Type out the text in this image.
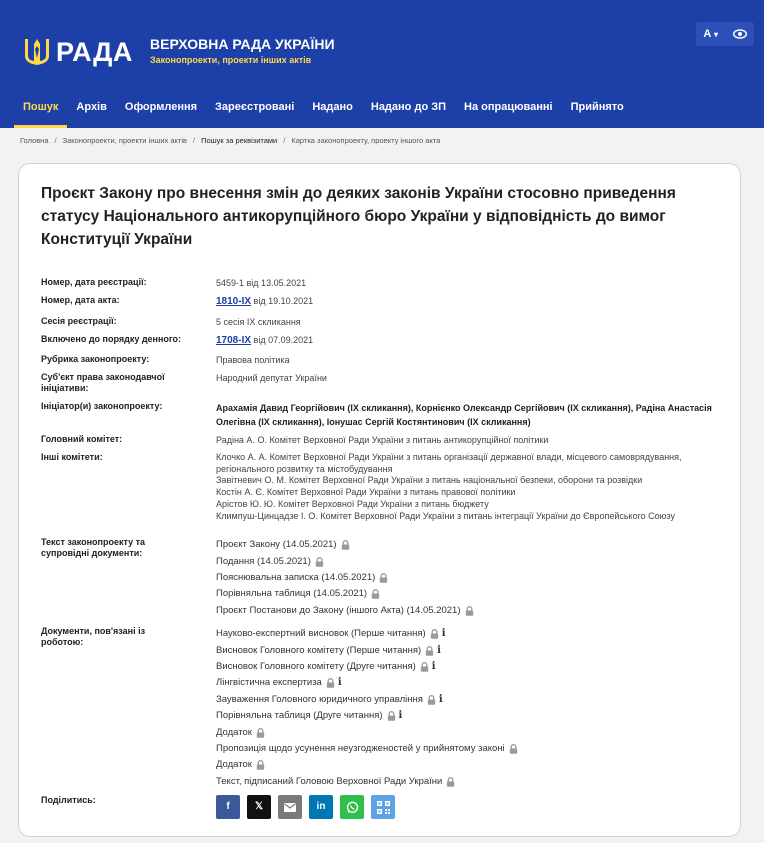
РАДА ВЕРХОВНА РАДА УКРАЇНИ
Законопроекти, проекти інших актів
A ▾
Пошук	Архів	Оформлення	Зареєстровані	Надано	Надано до ЗП	На опрацюванні	Прийнято
Головна / Законопроекти, проекти інших актів / Пошук за реквізитами / Картка законопроекту, проекту іншого акта
Проєкт Закону про внесення змін до деяких законів України стосовно приведення статусу Національного антикорупційного бюро України у відповідність до вимог Конституції України
Номер, дата реєстрації:	5459-1 від 13.05.2021
Номер, дата акта:	1810-IX від 19.10.2021
Сесія реєстрації:	5 сесія IX скликання
Включено до порядку денного:	1708-IX від 07.09.2021
Рубрика законопроекту:	Правова політика
Суб'єкт права законодавчої ініціативи:
Народний депутат України
Ініціатор(и) законопроекту:	Арахамія Давид Георгійович (IX скликання), Корнієнко Олександр Сергійович (IX скликання), Радіна Анастасія Олегівна (IX скликання), Іонушас Сергій Костянтинович (IX скликання)
Головний комітет:	Радіна А. О. Комітет Верховної Ради України з питань антикорупційної політики
Інші комітети:	Клочко А. А. Комітет Верховної Ради України з питань організації державної влади, місцевого самоврядування, регіонального розвитку та містобудування
Завітневич О. М. Комітет Верховної Ради України з питань національної безпеки, оборони та розвідки
Костін А. Є. Комітет Верховної Ради України з питань правової політики
Арістов Ю. Ю. Комітет Верховної Ради України з питань бюджету
Климпуш-Цинцадзе І. О. Комітет Верховної Ради України з питань інтеграції України до Європейського Союзу
Текст законопроекту та супровідні документи:
Проєкт Закону (14.05.2021)
Подання (14.05.2021)
Пояснювальна записка (14.05.2021)
Порівняльна таблиця (14.05.2021)
Проєкт Постанови до Закону (іншого Акта) (14.05.2021)
Документи, пов'язані із роботою:
Науково-експертний висновок (Перше читання) i
Висновок Головного комітету (Перше читання) i
Висновок Головного комітету (Друге читання) i
Лінгвістична експертиза i
Зауваження Головного юридичного управління i
Порівняльна таблиця (Друге читання) i
Додаток
Пропозиція щодо усунення неузгодженостей у прийнятому законі
Додаток
Текст, підписаний Головою Верховної Ради України
Поділитись:
f	𝕏	in
